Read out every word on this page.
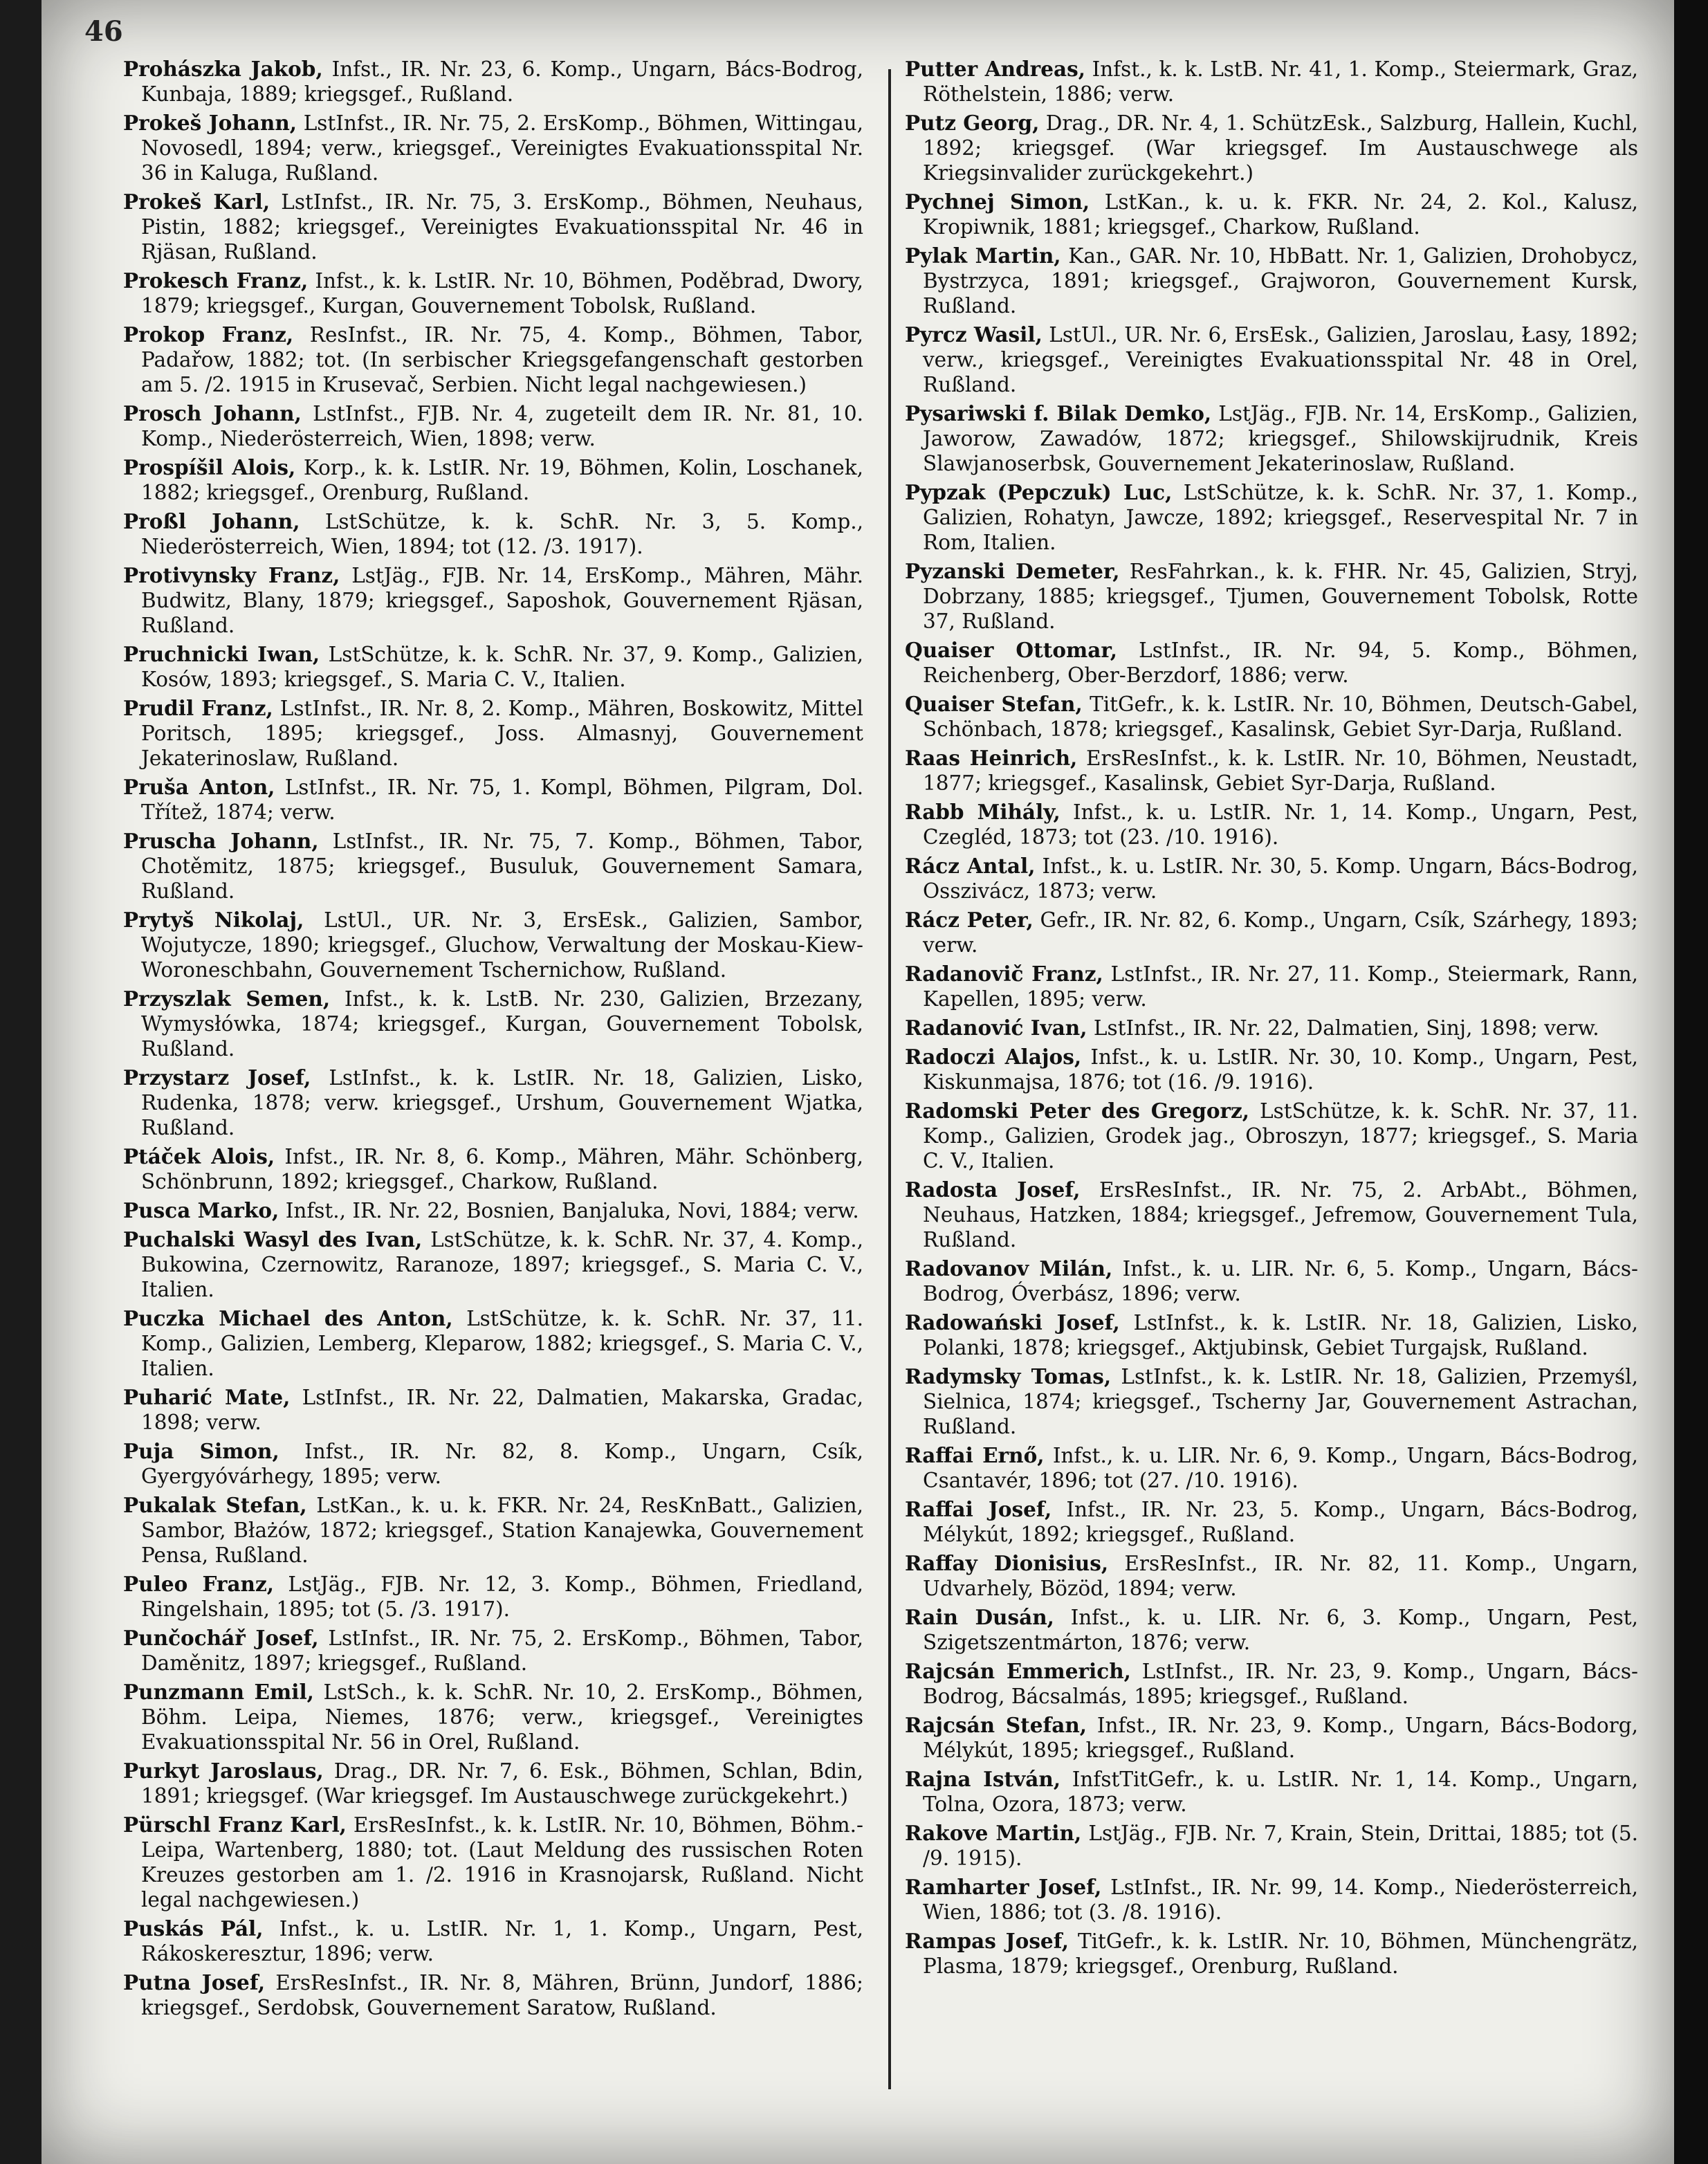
46
Prohászka Jakob, Infst., IR. Nr. 23, 6. Komp., Ungarn, Bács-Bodrog, Kunbaja, 1889; kriegsgef., Rußland.
Prokeš Johann, LstInfst., IR. Nr. 75, 2. ErsKomp., Böhmen, Wittingau, Novosedl, 1894; verw., kriegsgef., Vereinigtes Evakuationsspital Nr. 36 in Kaluga, Rußland.
Prokeš Karl, LstInfst., IR. Nr. 75, 3. ErsKomp., Böhmen, Neuhaus, Pistin, 1882; kriegsgef., Vereinigtes Evakuationsspital Nr. 46 in Rjäsan, Rußland.
Prokesch Franz, Infst., k. k. LstIR. Nr. 10, Böhmen, Poděbrad, Dwory, 1879; kriegsgef., Kurgan, Gouvernement Tobolsk, Rußland.
Prokop Franz, ResInfst., IR. Nr. 75, 4. Komp., Böhmen, Tabor, Padařow, 1882; tot. (In serbischer Kriegsgefangenschaft gestorben am 5. /2. 1915 in Krusevač, Serbien. Nicht legal nachgewiesen.)
Prosch Johann, LstInfst., FJB. Nr. 4, zugeteilt dem IR. Nr. 81, 10. Komp., Niederösterreich, Wien, 1898; verw.
Prospíšil Alois, Korp., k. k. LstIR. Nr. 19, Böhmen, Kolin, Loschanek, 1882; kriegsgef., Orenburg, Rußland.
Proßl Johann, LstSchütze, k. k. SchR. Nr. 3, 5. Komp., Niederösterreich, Wien, 1894; tot (12. /3. 1917).
Protivynsky Franz, LstJäg., FJB. Nr. 14, ErsKomp., Mähren, Mähr. Budwitz, Blany, 1879; kriegsgef., Saposhok, Gouvernement Rjäsan, Rußland.
Pruchnicki Iwan, LstSchütze, k. k. SchR. Nr. 37, 9. Komp., Galizien, Kosów, 1893; kriegsgef., S. Maria C. V., Italien.
Prudil Franz, LstInfst., IR. Nr. 8, 2. Komp., Mähren, Boskowitz, Mittel Poritsch, 1895; kriegsgef., Joss. Almasnyj, Gouvernement Jekaterinoslaw, Rußland.
Pruša Anton, LstInfst., IR. Nr. 75, 1. Kompl, Böhmen, Pilgram, Dol. Třítež, 1874; verw.
Pruscha Johann, LstInfst., IR. Nr. 75, 7. Komp., Böhmen, Tabor, Chotěmitz, 1875; kriegsgef., Busuluk, Gouvernement Samara, Rußland.
Prytyš Nikolaj, LstUl., UR. Nr. 3, ErsEsk., Galizien, Sambor, Wojutycze, 1890; kriegsgef., Gluchow, Verwaltung der Moskau-Kiew-Woroneschbahn, Gouvernement Tschernichow, Rußland.
Przyszlak Semen, Infst., k. k. LstB. Nr. 230, Galizien, Brzezany, Wymysłówka, 1874; kriegsgef., Kurgan, Gouvernement Tobolsk, Rußland.
Przystarz Josef, LstInfst., k. k. LstIR. Nr. 18, Galizien, Lisko, Rudenka, 1878; verw. kriegsgef., Urshum, Gouvernement Wjatka, Rußland.
Ptáček Alois, Infst., IR. Nr. 8, 6. Komp., Mähren, Mähr. Schönberg, Schönbrunn, 1892; kriegsgef., Charkow, Rußland.
Pusca Marko, Infst., IR. Nr. 22, Bosnien, Banjaluka, Novi, 1884; verw.
Puchalski Wasyl des Ivan, LstSchütze, k. k. SchR. Nr. 37, 4. Komp., Bukowina, Czernowitz, Raranoze, 1897; kriegsgef., S. Maria C. V., Italien.
Puczka Michael des Anton, LstSchütze, k. k. SchR. Nr. 37, 11. Komp., Galizien, Lemberg, Kleparow, 1882; kriegsgef., S. Maria C. V., Italien.
Puharić Mate, LstInfst., IR. Nr. 22, Dalmatien, Makarska, Gradac, 1898; verw.
Puja Simon, Infst., IR. Nr. 82, 8. Komp., Ungarn, Csík, Gyergyóvárhegy, 1895; verw.
Pukalak Stefan, LstKan., k. u. k. FKR. Nr. 24, ResKnBatt., Galizien, Sambor, Błażów, 1872; kriegsgef., Station Kanajewka, Gouvernement Pensa, Rußland.
Puleo Franz, LstJäg., FJB. Nr. 12, 3. Komp., Böhmen, Friedland, Ringelshain, 1895; tot (5. /3. 1917).
Punčochář Josef, LstInfst., IR. Nr. 75, 2. ErsKomp., Böhmen, Tabor, Daměnitz, 1897; kriegsgef., Rußland.
Punzmann Emil, LstSch., k. k. SchR. Nr. 10, 2. ErsKomp., Böhmen, Böhm. Leipa, Niemes, 1876; verw., kriegsgef., Vereinigtes Evakuationsspital Nr. 56 in Orel, Rußland.
Purkyt Jaroslaus, Drag., DR. Nr. 7, 6. Esk., Böhmen, Schlan, Bdin, 1891; kriegsgef. (War kriegsgef. Im Austauschwege zurückgekehrt.)
Pürschl Franz Karl, ErsResInfst., k. k. LstIR. Nr. 10, Böhmen, Böhm.-Leipa, Wartenberg, 1880; tot. (Laut Meldung des russischen Roten Kreuzes gestorben am 1. /2. 1916 in Krasnojarsk, Rußland. Nicht legal nachgewiesen.)
Puskás Pál, Infst., k. u. LstIR. Nr. 1, 1. Komp., Ungarn, Pest, Rákoskeresztur, 1896; verw.
Putna Josef, ErsResInfst., IR. Nr. 8, Mähren, Brünn, Jundorf, 1886; kriegsgef., Serdobsk, Gouvernement Saratow, Rußland.
Putter Andreas, Infst., k. k. LstB. Nr. 41, 1. Komp., Steiermark, Graz, Röthelstein, 1886; verw.
Putz Georg, Drag., DR. Nr. 4, 1. SchützEsk., Salzburg, Hallein, Kuchl, 1892; kriegsgef. (War kriegsgef. Im Austauschwege als Kriegsinvalider zurückgekehrt.)
Pychnej Simon, LstKan., k. u. k. FKR. Nr. 24, 2. Kol., Kalusz, Kropiwnik, 1881; kriegsgef., Charkow, Rußland.
Pylak Martin, Kan., GAR. Nr. 10, HbBatt. Nr. 1, Galizien, Drohobycz, Bystrzyca, 1891; kriegsgef., Grajworon, Gouvernement Kursk, Rußland.
Pyrcz Wasil, LstUl., UR. Nr. 6, ErsEsk., Galizien, Jaroslau, Łasy, 1892; verw., kriegsgef., Vereinigtes Evakuationsspital Nr. 48 in Orel, Rußland.
Pysariwski f. Bilak Demko, LstJäg., FJB. Nr. 14, ErsKomp., Galizien, Jaworow, Zawadów, 1872; kriegsgef., Shilowskijrudnik, Kreis Slawjanoserbsk, Gouvernement Jekaterinoslaw, Rußland.
Pypzak (Pepczuk) Luc, LstSchütze, k. k. SchR. Nr. 37, 1. Komp., Galizien, Rohatyn, Jawcze, 1892; kriegsgef., Reservespital Nr. 7 in Rom, Italien.
Pyzanski Demeter, ResFahrkan., k. k. FHR. Nr. 45, Galizien, Stryj, Dobrzany, 1885; kriegsgef., Tjumen, Gouvernement Tobolsk, Rotte 37, Rußland.
Quaiser Ottomar, LstInfst., IR. Nr. 94, 5. Komp., Böhmen, Reichenberg, Ober-Berzdorf, 1886; verw.
Quaiser Stefan, TitGefr., k. k. LstIR. Nr. 10, Böhmen, Deutsch-Gabel, Schönbach, 1878; kriegsgef., Kasalinsk, Gebiet Syr-Darja, Rußland.
Raas Heinrich, ErsResInfst., k. k. LstIR. Nr. 10, Böhmen, Neustadt, 1877; kriegsgef., Kasalinsk, Gebiet Syr-Darja, Rußland.
Rabb Mihály, Infst., k. u. LstIR. Nr. 1, 14. Komp., Ungarn, Pest, Czegléd, 1873; tot (23. /10. 1916).
Rácz Antal, Infst., k. u. LstIR. Nr. 30, 5. Komp. Ungarn, Bács-Bodrog, Osszivácz, 1873; verw.
Rácz Peter, Gefr., IR. Nr. 82, 6. Komp., Ungarn, Csík, Szárhegy, 1893; verw.
Radanovič Franz, LstInfst., IR. Nr. 27, 11. Komp., Steiermark, Rann, Kapellen, 1895; verw.
Radanović Ivan, LstInfst., IR. Nr. 22, Dalmatien, Sinj, 1898; verw.
Radoczi Alajos, Infst., k. u. LstIR. Nr. 30, 10. Komp., Ungarn, Pest, Kiskunmajsa, 1876; tot (16. /9. 1916).
Radomski Peter des Gregorz, LstSchütze, k. k. SchR. Nr. 37, 11. Komp., Galizien, Grodek jag., Obroszyn, 1877; kriegsgef., S. Maria C. V., Italien.
Radosta Josef, ErsResInfst., IR. Nr. 75, 2. ArbAbt., Böhmen, Neuhaus, Hatzken, 1884; kriegsgef., Jefremow, Gouvernement Tula, Rußland.
Radovanov Milán, Infst., k. u. LIR. Nr. 6, 5. Komp., Ungarn, Bács-Bodrog, Óverbász, 1896; verw.
Radowański Josef, LstInfst., k. k. LstIR. Nr. 18, Galizien, Lisko, Polanki, 1878; kriegsgef., Aktjubinsk, Gebiet Turgajsk, Rußland.
Radymsky Tomas, LstInfst., k. k. LstIR. Nr. 18, Galizien, Przemyśl, Sielnica, 1874; kriegsgef., Tscherny Jar, Gouvernement Astrachan, Rußland.
Raffai Ernő, Infst., k. u. LIR. Nr. 6, 9. Komp., Ungarn, Bács-Bodrog, Csantavér, 1896; tot (27. /10. 1916).
Raffai Josef, Infst., IR. Nr. 23, 5. Komp., Ungarn, Bács-Bodrog, Mélykút, 1892; kriegsgef., Rußland.
Raffay Dionisius, ErsResInfst., IR. Nr. 82, 11. Komp., Ungarn, Udvarhely, Bözöd, 1894; verw.
Rain Dusán, Infst., k. u. LIR. Nr. 6, 3. Komp., Ungarn, Pest, Szigetszentmárton, 1876; verw.
Rajcsán Emmerich, LstInfst., IR. Nr. 23, 9. Komp., Ungarn, Bács-Bodrog, Bácsalmás, 1895; kriegsgef., Rußland.
Rajcsán Stefan, Infst., IR. Nr. 23, 9. Komp., Ungarn, Bács-Bodorg, Mélykút, 1895; kriegsgef., Rußland.
Rajna István, InfstTitGefr., k. u. LstIR. Nr. 1, 14. Komp., Ungarn, Tolna, Ozora, 1873; verw.
Rakove Martin, LstJäg., FJB. Nr. 7, Krain, Stein, Drittai, 1885; tot (5. /9. 1915).
Ramharter Josef, LstInfst., IR. Nr. 99, 14. Komp., Niederösterreich, Wien, 1886; tot (3. /8. 1916).
Rampas Josef, TitGefr., k. k. LstIR. Nr. 10, Böhmen, Münchengrätz, Plasma, 1879; kriegsgef., Orenburg, Rußland.
